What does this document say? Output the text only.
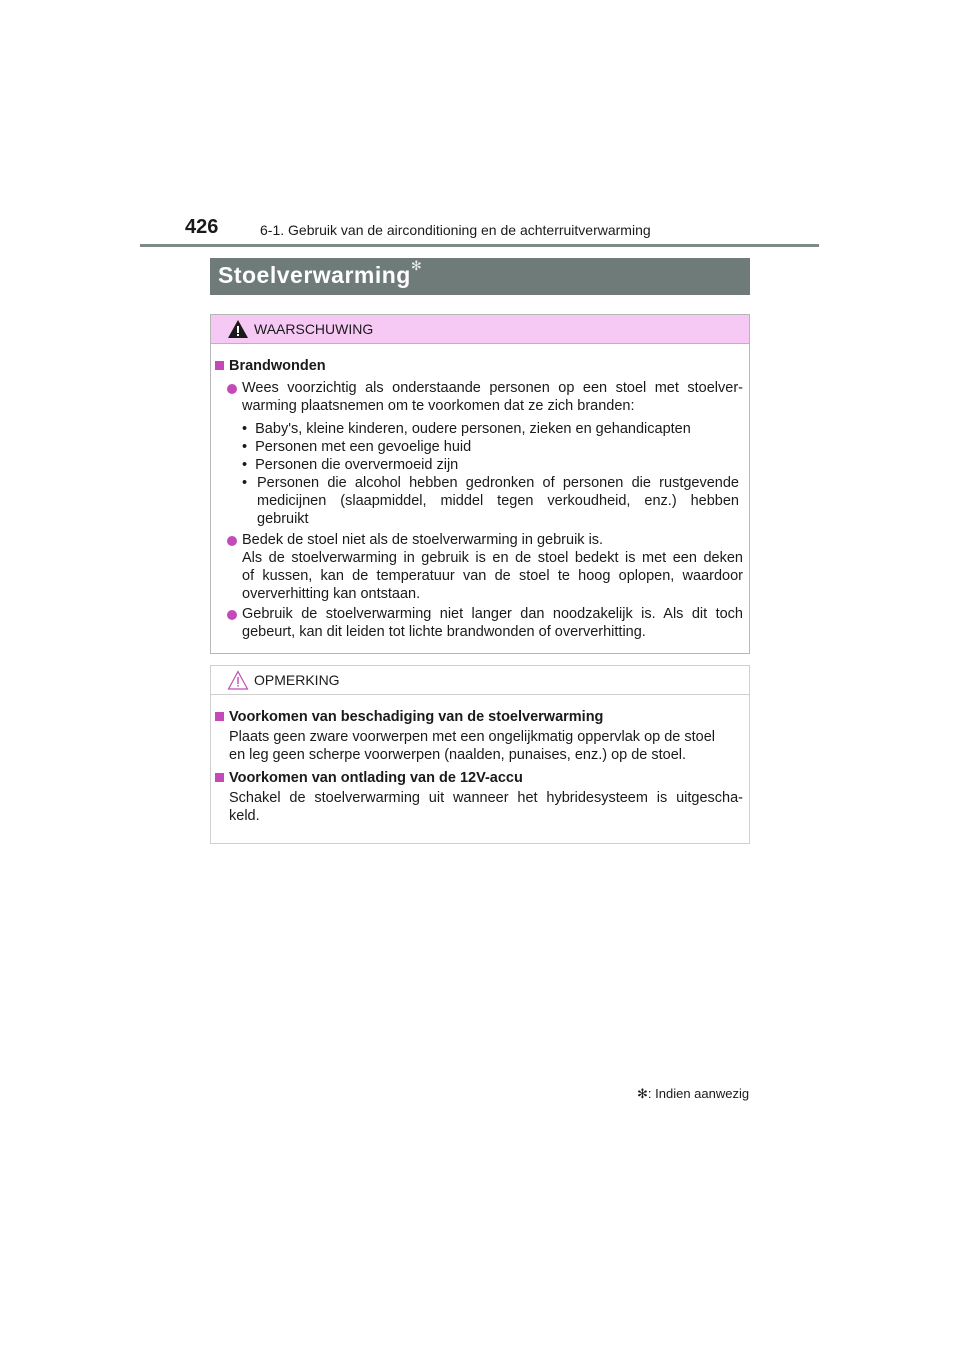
426	6-1. Gebruik van de airconditioning en de achterruitverwarming
Stoelverwarming ✻
WAARSCHUWING
Brandwonden
Wees voorzichtig als onderstaande personen op een stoel met stoelver-
warming plaatsnemen om te voorkomen dat ze zich branden:
•  Baby's, kleine kinderen, oudere personen, zieken en gehandicapten
•  Personen met een gevoelige huid
•  Personen die oververmoeid zijn
• Personen die alcohol hebben gedronken of personen die rustgevende
medicijnen (slaapmiddel, middel tegen verkoudheid, enz.) hebben
gebruikt
Bedek de stoel niet als de stoelverwarming in gebruik is.
Als de stoelverwarming in gebruik is en de stoel bedekt is met een deken
of kussen, kan de temperatuur van de stoel te hoog oplopen, waardoor
oververhitting kan ontstaan.
Gebruik de stoelverwarming niet langer dan noodzakelijk is. Als dit toch
gebeurt, kan dit leiden tot lichte brandwonden of oververhitting.
OPMERKING
Voorkomen van beschadiging van de stoelverwarming
Plaats geen zware voorwerpen met een ongelijkmatig oppervlak op de stoel
en leg geen scherpe voorwerpen (naalden, punaises, enz.) op de stoel.
Voorkomen van ontlading van de 12V-accu
Schakel de stoelverwarming uit wanneer het hybridesysteem is uitgescha-
keld.
✻: Indien aanwezig
